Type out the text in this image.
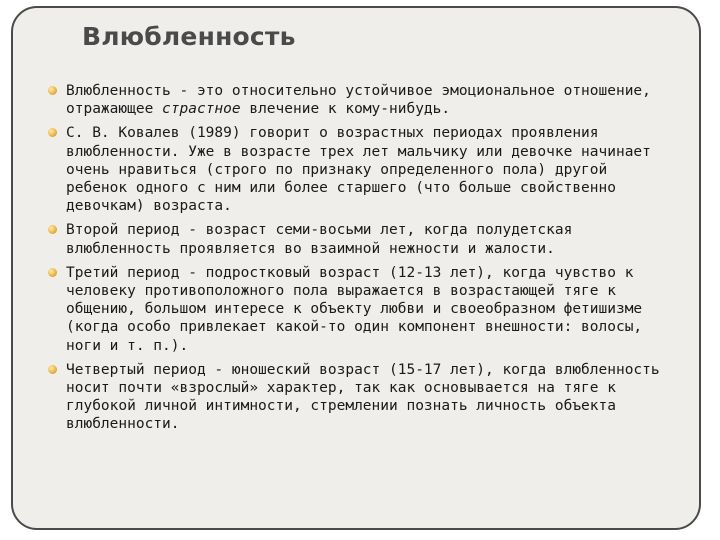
Влюбленность
Влюбленность - это относительно устойчивое эмоциональное отношение, отражающее страстное влечение к кому-нибудь.
С. В. Ковалев (1989) говорит о возрастных периодах проявления влюбленности. Уже в возрасте трех лет мальчику или девочке начинает очень нравиться (строго по признаку определенного пола) другой ребенок одного с ним или более старшего (что больше свойственно девочкам) возраста.
Второй период - возраст семи-восьми лет, когда полудетская влюбленность проявляется во взаимной нежности и жалости.
Третий период - подростковый возраст (12-13 лет), когда чувство к человеку противоположного пола выражается в возрастающей тяге к общению, большом интересе к объекту любви и своеобразном фетишизме (когда особо привлекает какой-то один компонент внешности: волосы, ноги и т. п.).
Четвертый период - юношеский возраст (15-17 лет), когда влюбленность носит почти «взрослый» характер, так как основывается на тяге к глубокой личной интимности, стремлении познать личность объекта влюбленности.
